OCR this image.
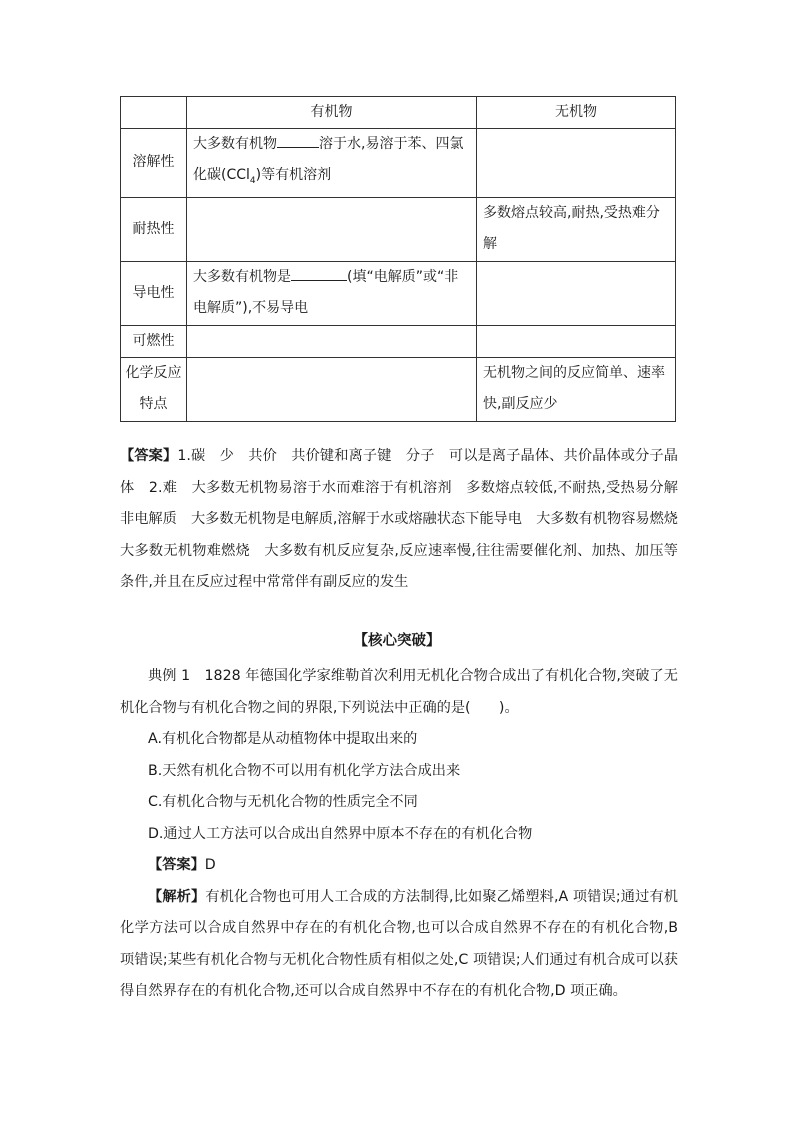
	有机物	无机物
溶解性	大多数有机物 溶于水,易溶于苯、四氯化碳(CCl$_4$)等有机溶剂	
耐热性		多数熔点较高,耐热,受热难分解
导电性	大多数有机物是 (填“电解质”或“非电解质”),不易导电	
可燃性		
化学反应特点		无机物之间的反应简单、速率快,副反应少
【答案】1.碳　少　共价　共价键和离子键　分子　可以是离子晶体、共价晶体或分子晶体　2.难　大多数无机物易溶于水而难溶于有机溶剂　多数熔点较低,不耐热,受热易分解　非电解质　大多数无机物是电解质,溶解于水或熔融状态下能导电　大多数有机物容易燃烧　大多数无机物难燃烧　大多数有机反应复杂,反应速率慢,往往需要催化剂、加热、加压等条件,并且在反应过程中常常伴有副反应的发生
【核心突破】

典例 1　1828 年德国化学家维勒首次利用无机化合物合成出了有机化合物,突破了无机化合物与有机化合物之间的界限,下列说法中正确的是(　　)。

A.有机化合物都是从动植物体中提取出来的

B.天然有机化合物不可以用有机化学方法合成出来

C.有机化合物与无机化合物的性质完全不同

D.通过人工方法可以合成出自然界中原本不存在的有机化合物

【答案】D

【解析】有机化合物也可用人工合成的方法制得,比如聚乙烯塑料,A 项错误;通过有机化学方法可以合成自然界中存在的有机化合物,也可以合成自然界不存在的有机化合物,B 项错误;某些有机化合物与无机化合物性质有相似之处,C 项错误;人们通过有机合成可以获得自然界存在的有机化合物,还可以合成自然界中不存在的有机化合物,D 项正确。
